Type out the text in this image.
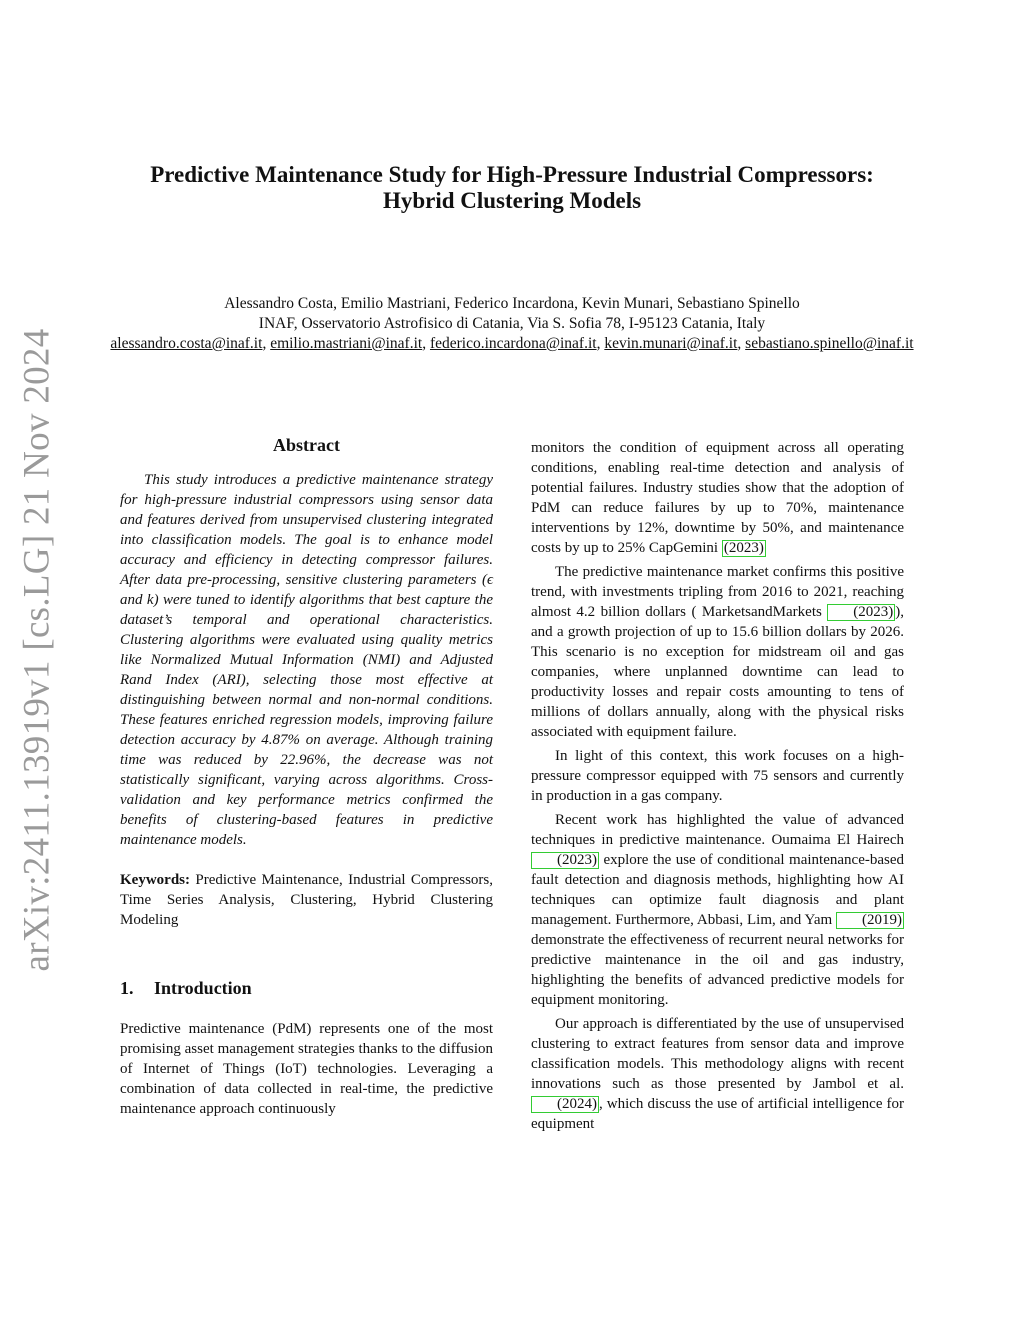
arXiv:2411.13919v1 [cs.LG] 21 Nov 2024
Predictive Maintenance Study for High-Pressure Industrial Compressors:
Hybrid Clustering Models
Alessandro Costa, Emilio Mastriani, Federico Incardona, Kevin Munari, Sebastiano Spinello
INAF, Osservatorio Astrofisico di Catania, Via S. Sofia 78, I-95123 Catania, Italy
alessandro.costa@inaf.it, emilio.mastriani@inaf.it, federico.incardona@inaf.it, kevin.munari@inaf.it, sebastiano.spinello@inaf.it
Abstract

This study introduces a predictive maintenance strategy for high-pressure industrial compressors using sensor data and features derived from unsupervised clustering integrated into classification models. The goal is to enhance model accuracy and efficiency in detecting compressor failures. After data pre-processing, sensitive clustering parameters (ϵ and k) were tuned to identify algorithms that best capture the dataset’s temporal and operational characteristics. Clustering algorithms were evaluated using quality metrics like Normalized Mutual Information (NMI) and Adjusted Rand Index (ARI), selecting those most effective at distinguishing between normal and non-normal conditions. These features enriched regression models, improving failure detection accuracy by 4.87% on average. Although training time was reduced by 22.96%, the decrease was not statistically significant, varying across algorithms. Cross-validation and key performance metrics confirmed the benefits of clustering-based features in predictive maintenance models.

Keywords: Predictive Maintenance, Industrial Compressors, Time Series Analysis, Clustering, Hybrid Clustering Modeling
1. Introduction

Predictive maintenance (PdM) represents one of the most promising asset management strategies thanks to the diffusion of Internet of Things (IoT) technologies. Leveraging a combination of data collected in real-time, the predictive maintenance approach continuously

monitors the condition of equipment across all operating conditions, enabling real-time detection and analysis of potential failures. Industry studies show that the adoption of PdM can reduce failures by up to 70%, maintenance interventions by 12%, downtime by 50%, and maintenance costs by up to 25% CapGemini (2023)

The predictive maintenance market confirms this positive trend, with investments tripling from 2016 to 2021, reaching almost 4.2 billion dollars ( MarketsandMarkets (2023) ), and a growth projection of up to 15.6 billion dollars by 2026. This scenario is no exception for midstream oil and gas companies, where unplanned downtime can lead to productivity losses and repair costs amounting to tens of millions of dollars annually, along with the physical risks associated with equipment failure.

In light of this context, this work focuses on a high-pressure compressor equipped with 75 sensors and currently in production in a gas company.

Recent work has highlighted the value of advanced techniques in predictive maintenance. Oumaima El Hairech (2023) explore the use of conditional maintenance-based fault detection and diagnosis methods, highlighting how AI techniques can optimize fault diagnosis and plant management. Furthermore, Abbasi, Lim, and Yam (2019) demonstrate the effectiveness of recurrent neural networks for predictive maintenance in the oil and gas industry, highlighting the benefits of advanced predictive models for equipment monitoring.

Our approach is differentiated by the use of unsupervised clustering to extract features from sensor data and improve classification models. This methodology aligns with recent innovations such as those presented by Jambol et al. (2024) , which discuss the use of artificial intelligence for equipment
